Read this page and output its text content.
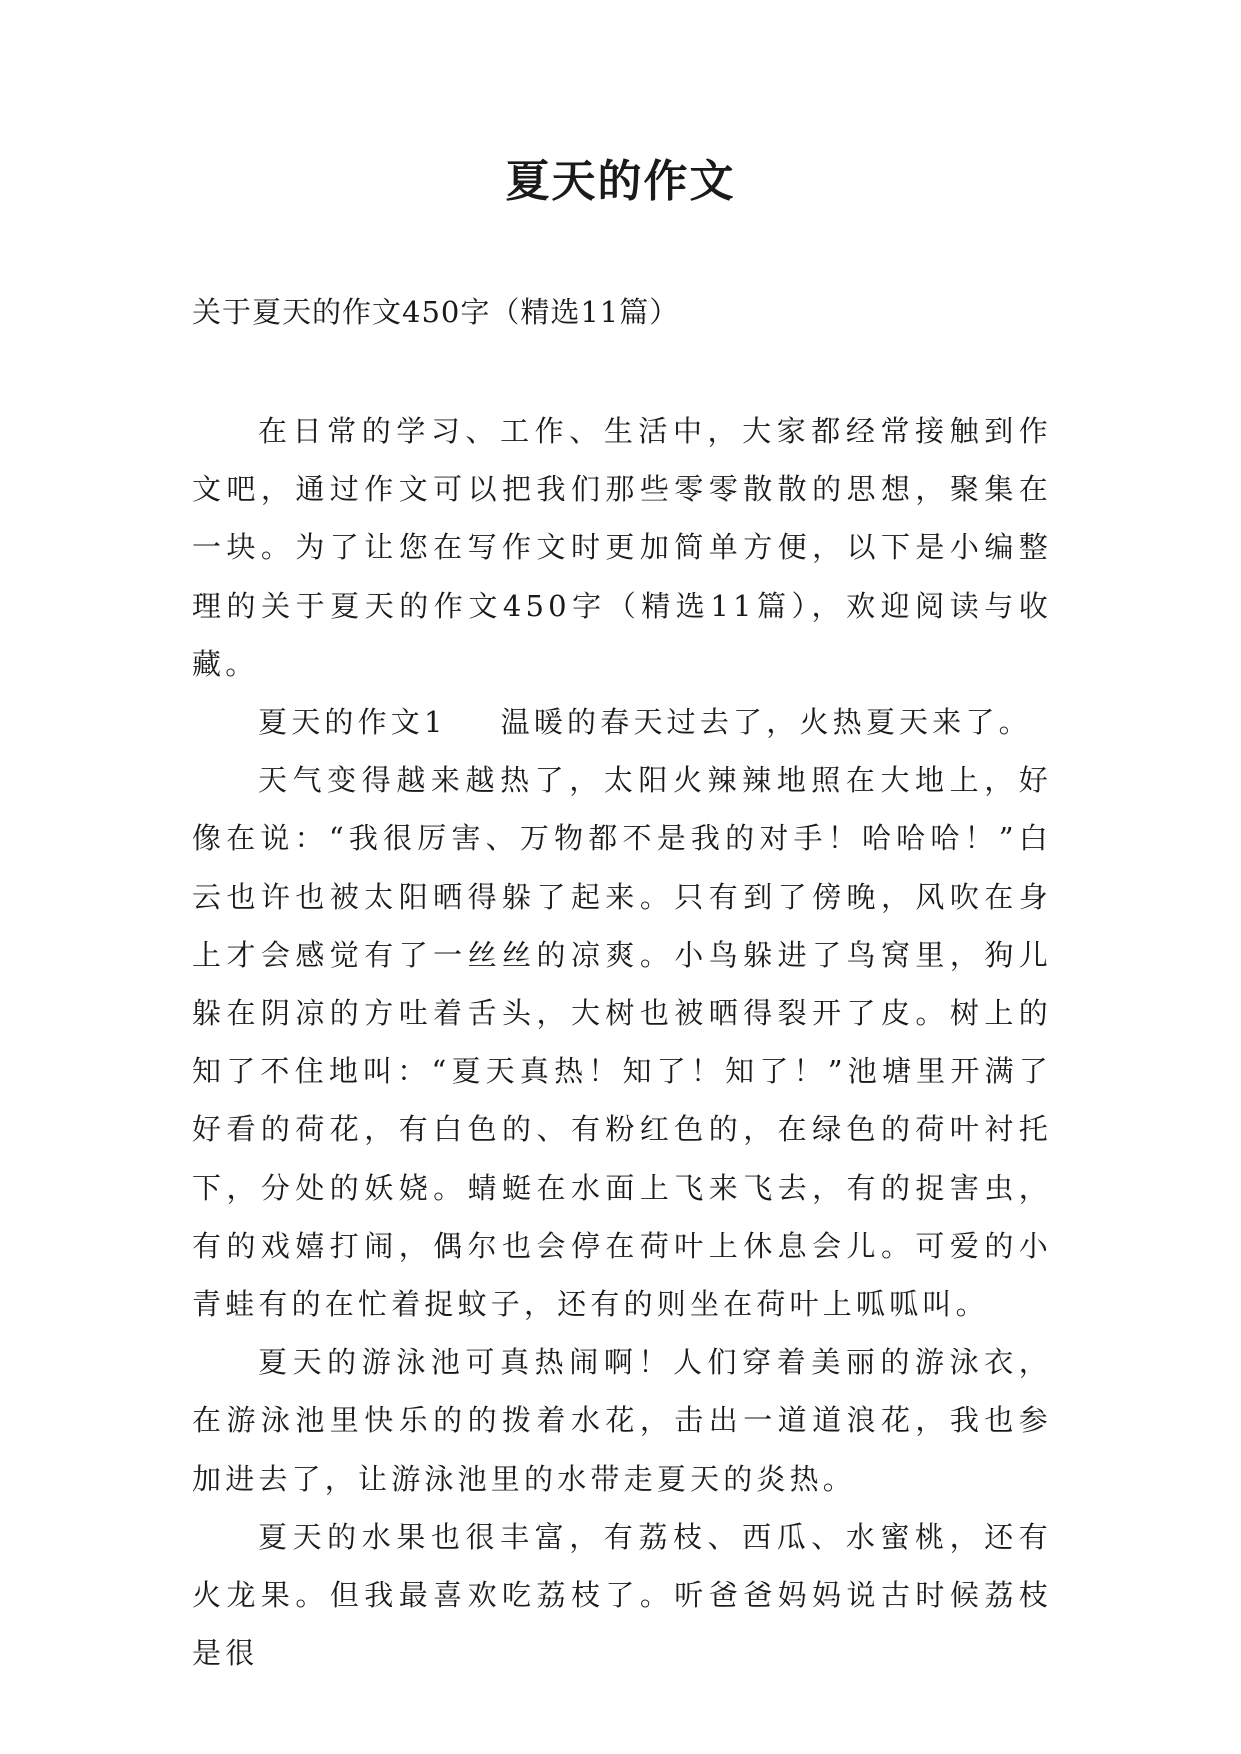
夏天的作文
关于夏天的作文450字（精选11篇）

在日常的学习、工作、生活中，大家都经常接触到作文吧，通过作文可以把我们那些零零散散的思想，聚集在一块。为了让您在写作文时更加简单方便，以下是小编整理的关于夏天的作文450字（精选11篇），欢迎阅读与收藏。

夏天的作文1 温暖的春天过去了，火热夏天来了。

天气变得越来越热了，太阳火辣辣地照在大地上，好像在说：“我很厉害、万物都不是我的对手！哈哈哈！”白云也许也被太阳晒得躲了起来。只有到了傍晚，风吹在身上才会感觉有了一丝丝的凉爽。小鸟躲进了鸟窝里，狗儿躲在阴凉的方吐着舌头，大树也被晒得裂开了皮。树上的知了不住地叫：“夏天真热！知了！知了！”池塘里开满了好看的荷花，有白色的、有粉红色的，在绿色的荷叶衬托下，分处的妖娆。蜻蜓在水面上飞来飞去，有的捉害虫，有的戏嬉打闹，偶尔也会停在荷叶上休息会儿。可爱的小青蛙有的在忙着捉蚊子，还有的则坐在荷叶上呱呱叫。

夏天的游泳池可真热闹啊！人们穿着美丽的游泳衣，在游泳池里快乐的的拨着水花，击出一道道浪花，我也参加进去了，让游泳池里的水带走夏天的炎热。

夏天的水果也很丰富，有荔枝、西瓜、水蜜桃，还有火龙果。但我最喜欢吃荔枝了。听爸爸妈妈说古时候荔枝是很
